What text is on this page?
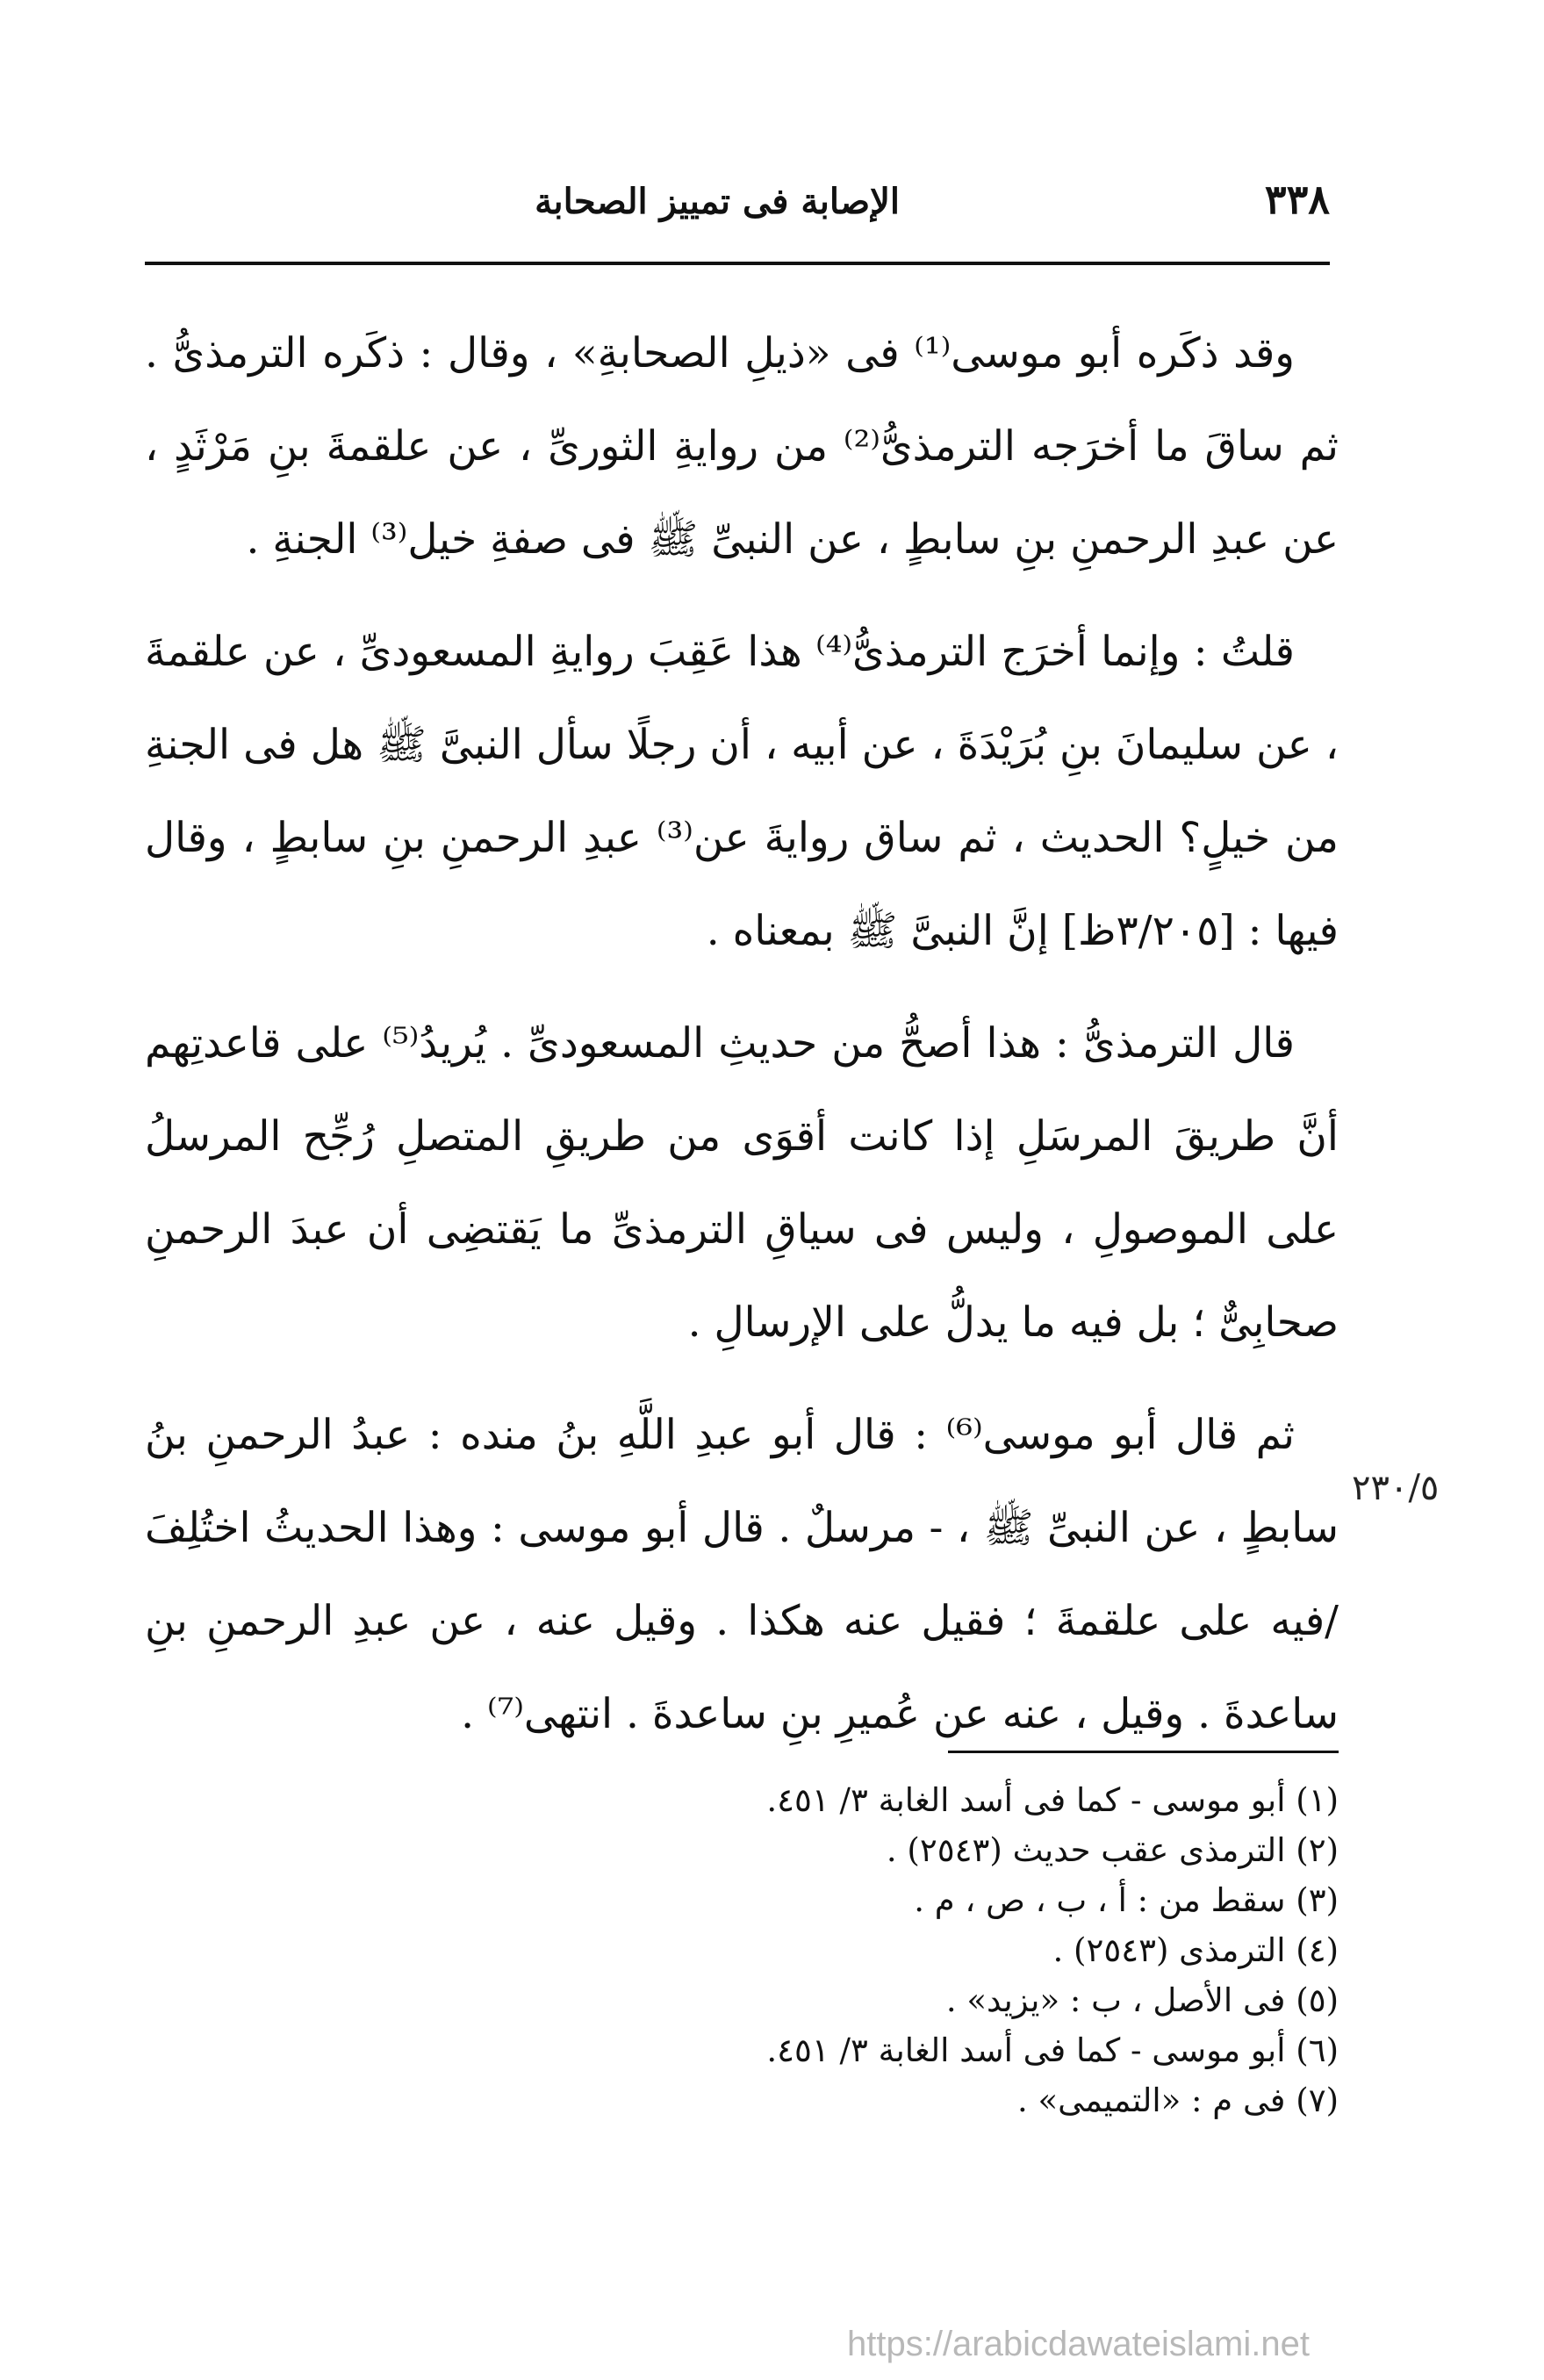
٣٣٨
الإصابة فى تمييز الصحابة

وقد ذكَره أبو موسى⁽¹⁾ فى «ذيلِ الصحابةِ» ، وقال : ذكَره الترمذىُّ . ثم ساقَ ما أخرَجه الترمذىُّ⁽²⁾ من روايةِ الثورىِّ ، عن علقمةَ بنِ مَرْثَدٍ ، عن عبدِ الرحمنِ بنِ سابطٍ ، عن النبىِّ ﷺ فى صفةِ خيل⁽³⁾ الجنةِ .

قلتُ : وإنما أخرَج الترمذىُّ⁽⁴⁾ هذا عَقِبَ روايةِ المسعودىِّ ، عن علقمةَ ، عن سليمانَ بنِ بُرَيْدَةَ ، عن أبيه ، أن رجلًا سأل النبىَّ ﷺ هل فى الجنةِ من خيلٍ؟ الحديث ، ثم ساق روايةَ عن⁽³⁾ عبدِ الرحمنِ بنِ سابطٍ ، وقال فيها : [٣/٢٠٥ظ] إنَّ النبىَّ ﷺ بمعناه .

قال الترمذىُّ : هذا أصحُّ من حديثِ المسعودىِّ . يُريدُ⁽⁵⁾ على قاعدتِهم أنَّ طريقَ المرسَلِ إذا كانت أقوَى من طريقِ المتصلِ رُجِّح المرسلُ على الموصولِ ، وليس فى سياقِ الترمذىِّ ما يَقتضِى أن عبدَ الرحمنِ صحابِىٌّ ؛ بل فيه ما يدلُّ على الإرسالِ .

ثم قال أبو موسى⁽⁶⁾ : قال أبو عبدِ اللَّهِ بنُ منده : عبدُ الرحمنِ بنُ سابطٍ ، عن النبىِّ ﷺ ، - مرسلٌ . قال أبو موسى : وهذا الحديثُ اختُلِفَ /فيه على علقمةَ ؛ فقيل عنه هكذا . وقيل عنه ، عن عبدِ الرحمنِ بنِ ساعدةَ . وقيل ، عنه عن عُميرِ بنِ ساعدةَ . انتهى⁽⁷⁾ .

٢٣٠/٥
(١) أبو موسى - كما فى أسد الغابة ٣/ ٤٥١.
(٢) الترمذى عقب حديث (٢٥٤٣) .
(٣) سقط من : أ ، ب ، ص ، م .
(٤) الترمذى (٢٥٤٣) .
(٥) فى الأصل ، ب : «يزيد» .
(٦) أبو موسى - كما فى أسد الغابة ٣/ ٤٥١.
(٧) فى م : «التميمى» .
https://arabicdawateislami.net
